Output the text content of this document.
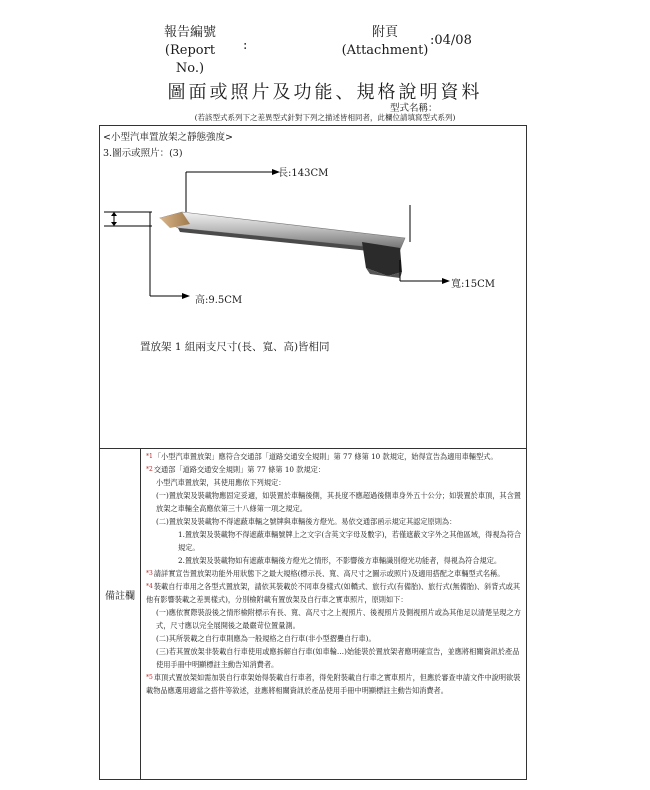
報告編號
(Report No.)
:
附頁
(Attachment)
:04/08
圖面或照片及功能、規格說明資料
型式名稱：
(若該型式系列下之差異型式針對下列之描述皆相同者，此欄位請填寫型式系列)
<小型汽車置放架之靜態強度>
3.圖示或照片：(3)
長:143CM
寬:15CM
高:9.5CM
置放架 1 組兩支尺寸(長、寬、高)皆相同
備註欄

$^{*1}$「小型汽車置放架」應符合交通部「道路交通安全規則」第 77 條第 10 款規定，始得宣告為適用車輛型式。

$^{*2}$交通部「道路交通安全規則」第 77 條第 10 款規定：

小型汽車置放架，其使用應依下列規定：

(一)置放架及裝載物應固定妥適，如裝置於車輛後側，其長度不應超過後側車身外五十公分；如裝置於車頂，其含置放架之車輛全高應依第三十八條第一項之規定。

(二)置放架及裝載物不得遮蔽車輛之號牌與車輛後方燈光。易依交通部函示規定其認定原則為：

1.置放架及裝載物不得遮蔽車輛號牌上之文字(含英文字母及數字)，若僅遮蔽文字外之其他區域，得視為符合規定。

2.置放架及裝載物如有遮蔽車輛後方燈光之情形，不影響後方車輛識別燈光功能者，得視為符合規定。

$^{*3}$請詳實宣告置放架功能外用狀態下之最大規格(標示長、寬、高尺寸之圖示或照片)及適用搭配之車輛型式名稱。

$^{*4}$裝載自行車用之各型式置放架，請依其裝載於不同車身樣式(如轎式、旅行式(有備胎)、旅行式(無備胎)、斜背式或其他有影響裝載之差異樣式)，分別檢附載有置放架及自行車之實車照片，原則如下：

(一)應依實際裝設後之情形檢附標示有長、寬、高尺寸之上視照片、後視照片及側視照片或為其他足以清楚呈現之方式，尺寸應以完全展開後之最嚴苛位置量測。

(二)其所裝載之自行車則應為一般規格之自行車(非小型摺疊自行車)。

(三)若其置放架非裝載自行車使用或應拆解自行車(如車輪…)始能裝於置放架者應明確宣告，並應將相關資訊於產品使用手冊中明顯標註主動告知消費者。

$^{*5}$車頂式置放架如需加裝自行車架始得裝載自行車者，得免附裝載自行車之實車照片，但應於審查申請文件中說明欲裝載物品應選用適當之搭件等敘述，並應將相關資訊於產品使用手冊中明顯標註主動告知消費者。
